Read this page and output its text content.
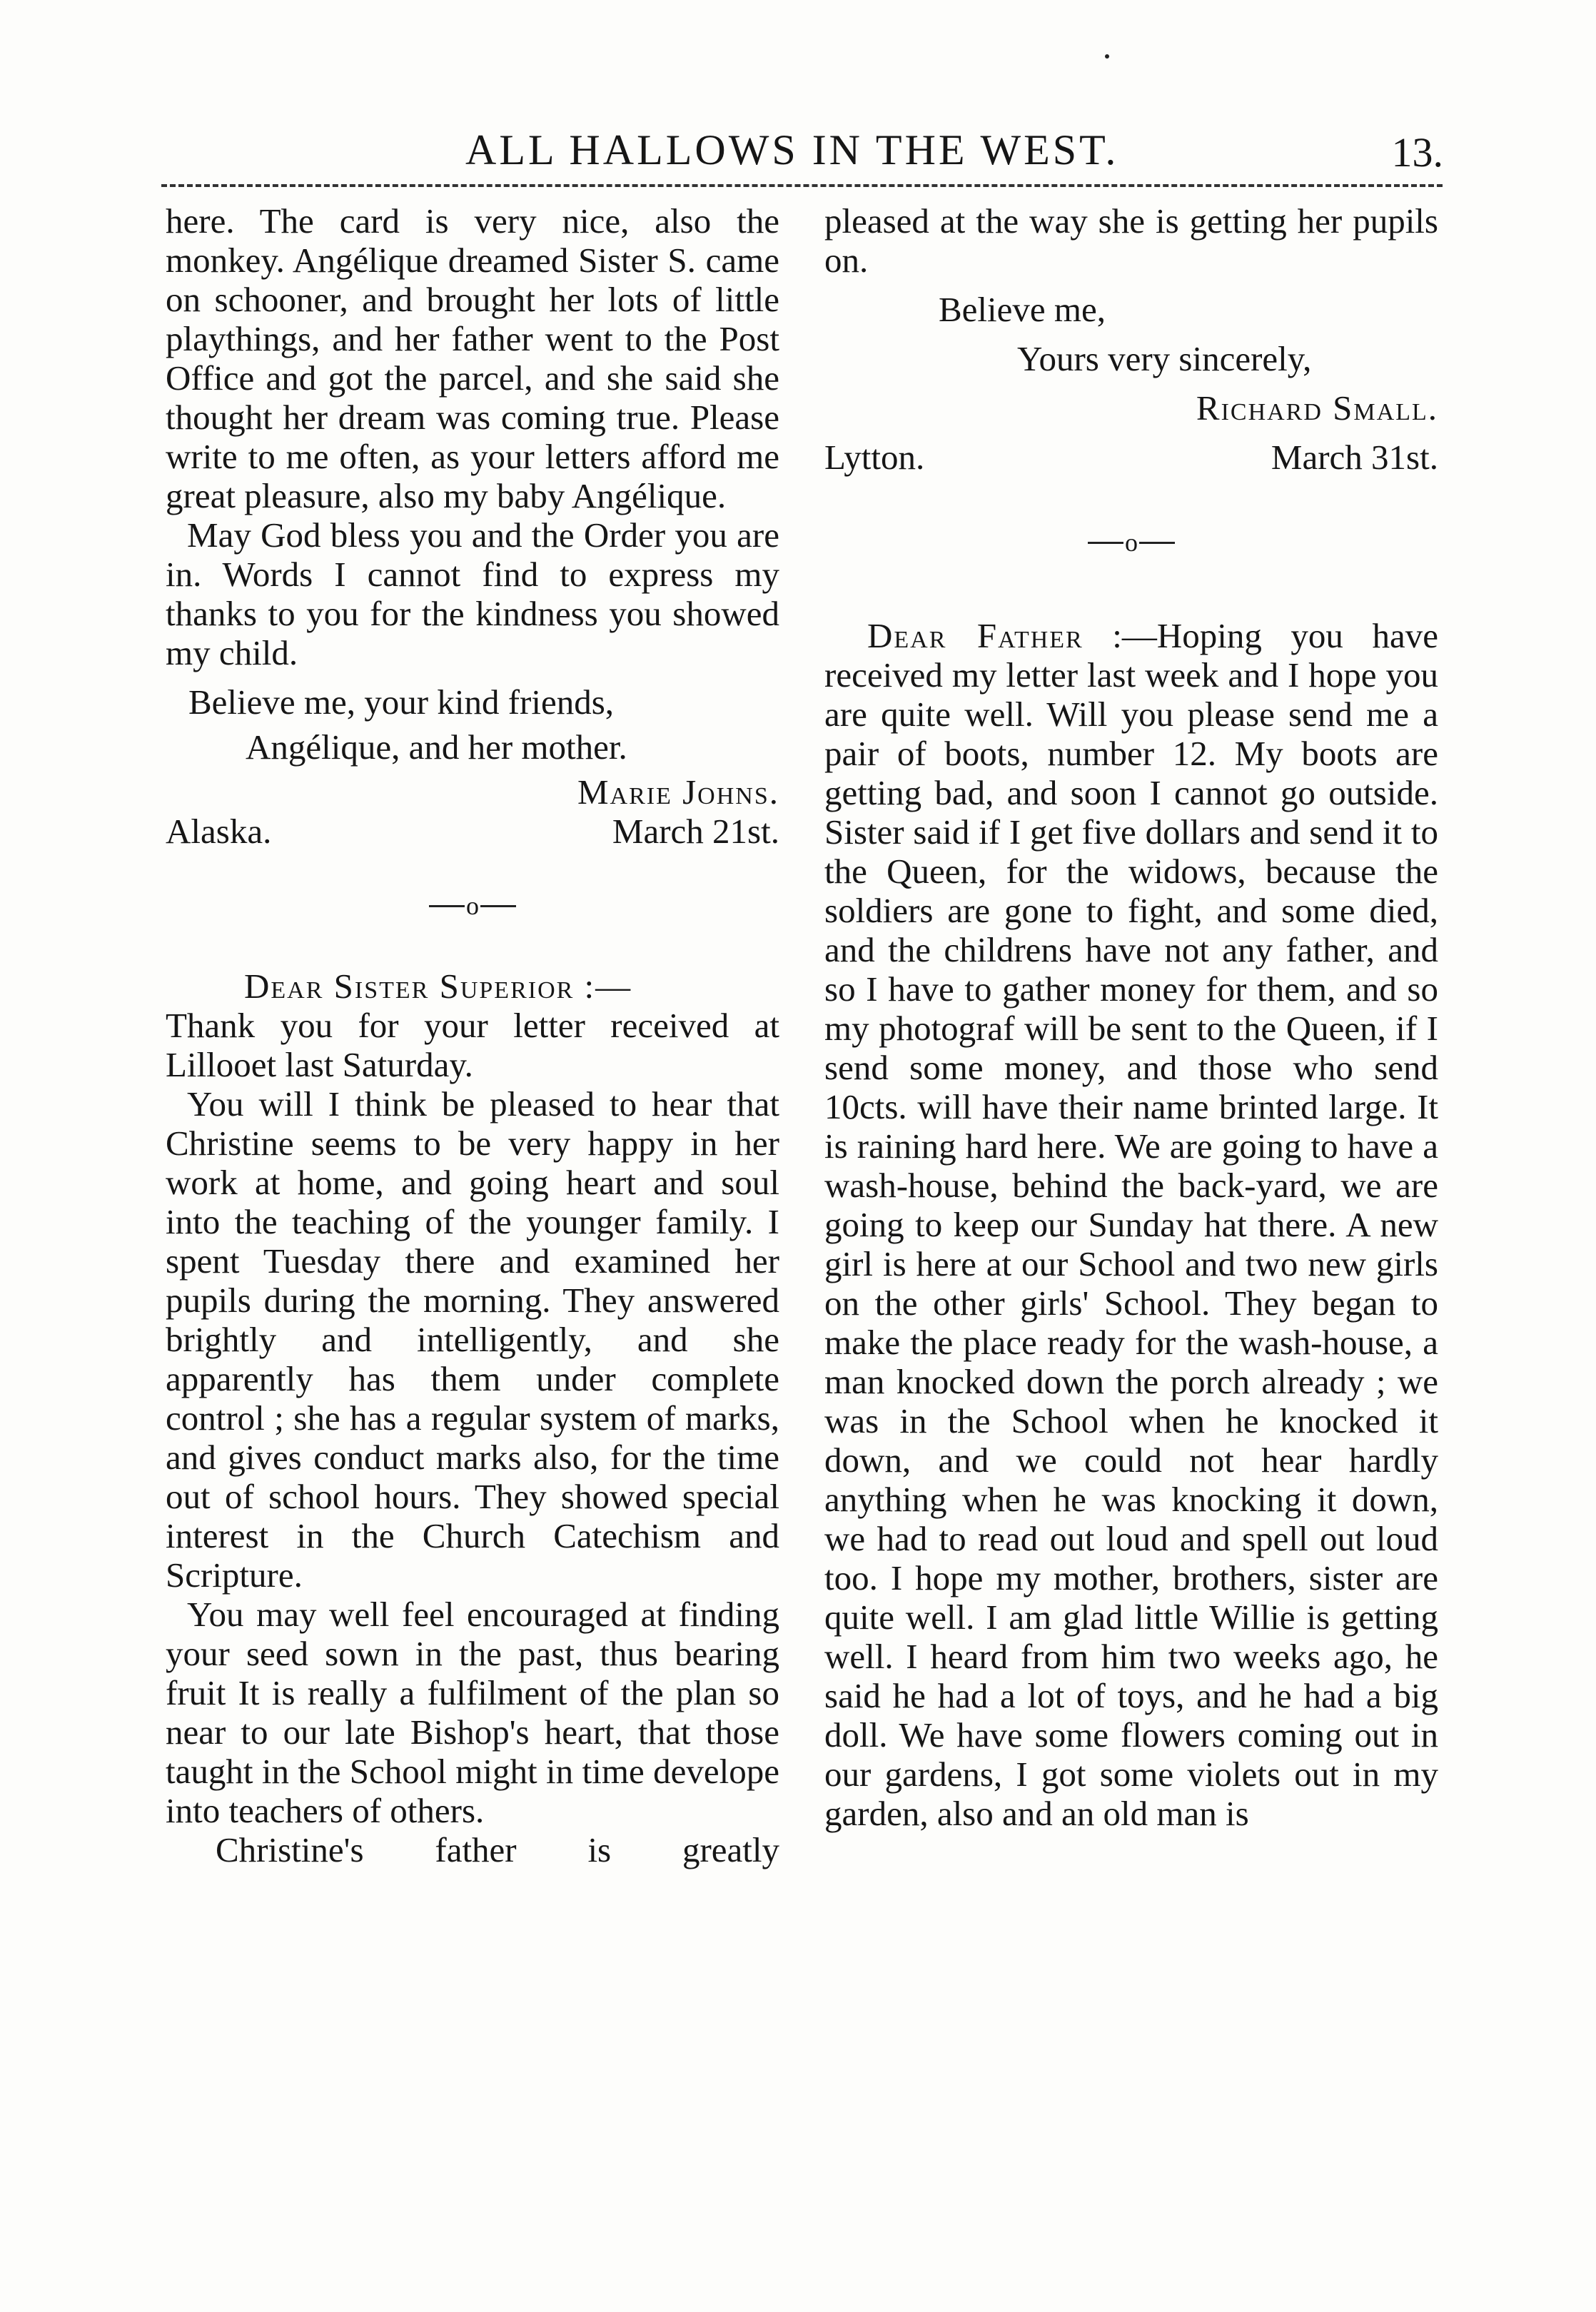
ALL HALLOWS IN THE WEST.	13.

here. The card is very nice, also the monkey. Angélique dreamed Sister S. came on schooner, and brought her lots of little playthings, and her father went to the Post Office and got the parcel, and she said she thought her dream was coming true. Please write to me often, as your letters afford me great pleasure, also my baby Angélique.

May God bless you and the Order you are in. Words I cannot find to express my thanks to you for the kindness you showed my child.

Believe me, your kind friends,

Angélique, and her mother.

Marie Johns.

Alaska.	March 21st.
o

Dear Sister Superior :—

Thank you for your letter received at Lillooet last Saturday.

You will I think be pleased to hear that Christine seems to be very happy in her work at home, and going heart and soul into the teaching of the younger family. I spent Tuesday there and examined her pupils during the morning. They answered brightly and intelligently, and she apparently has them under complete control ; she has a regular system of marks, and gives conduct marks also, for the time out of school hours. They showed special interest in the Church Catechism and Scripture.

You may well feel encouraged at finding your seed sown in the past, thus bearing fruit It is really a fulfilment of the plan so near to our late Bishop's heart, that those taught in the School might in time develope into teachers of others.

Christine's father is greatly

pleased at the way she is getting her pupils on.

Believe me,

Yours very sincerely,

Richard Small.

Lytton.	March 31st.
o

Dear Father :—Hoping you have received my letter last week and I hope you are quite well. Will you please send me a pair of boots, number 12. My boots are getting bad, and soon I cannot go outside. Sister said if I get five dollars and send it to the Queen, for the widows, because the soldiers are gone to fight, and some died, and the childrens have not any father, and so I have to gather money for them, and so my photograf will be sent to the Queen, if I send some money, and those who send 10cts. will have their name brinted large. It is raining hard here. We are going to have a wash-house, behind the back-yard, we are going to keep our Sunday hat there. A new girl is here at our School and two new girls on the other girls' School. They began to make the place ready for the wash-house, a man knocked down the porch already ; we was in the School when he knocked it down, and we could not hear hardly anything when he was knocking it down, we had to read out loud and spell out loud too. I hope my mother, brothers, sister are quite well. I am glad little Willie is getting well. I heard from him two weeks ago, he said he had a lot of toys, and he had a big doll. We have some flowers coming out in our gardens, I got some violets out in my garden, also and an old man is
